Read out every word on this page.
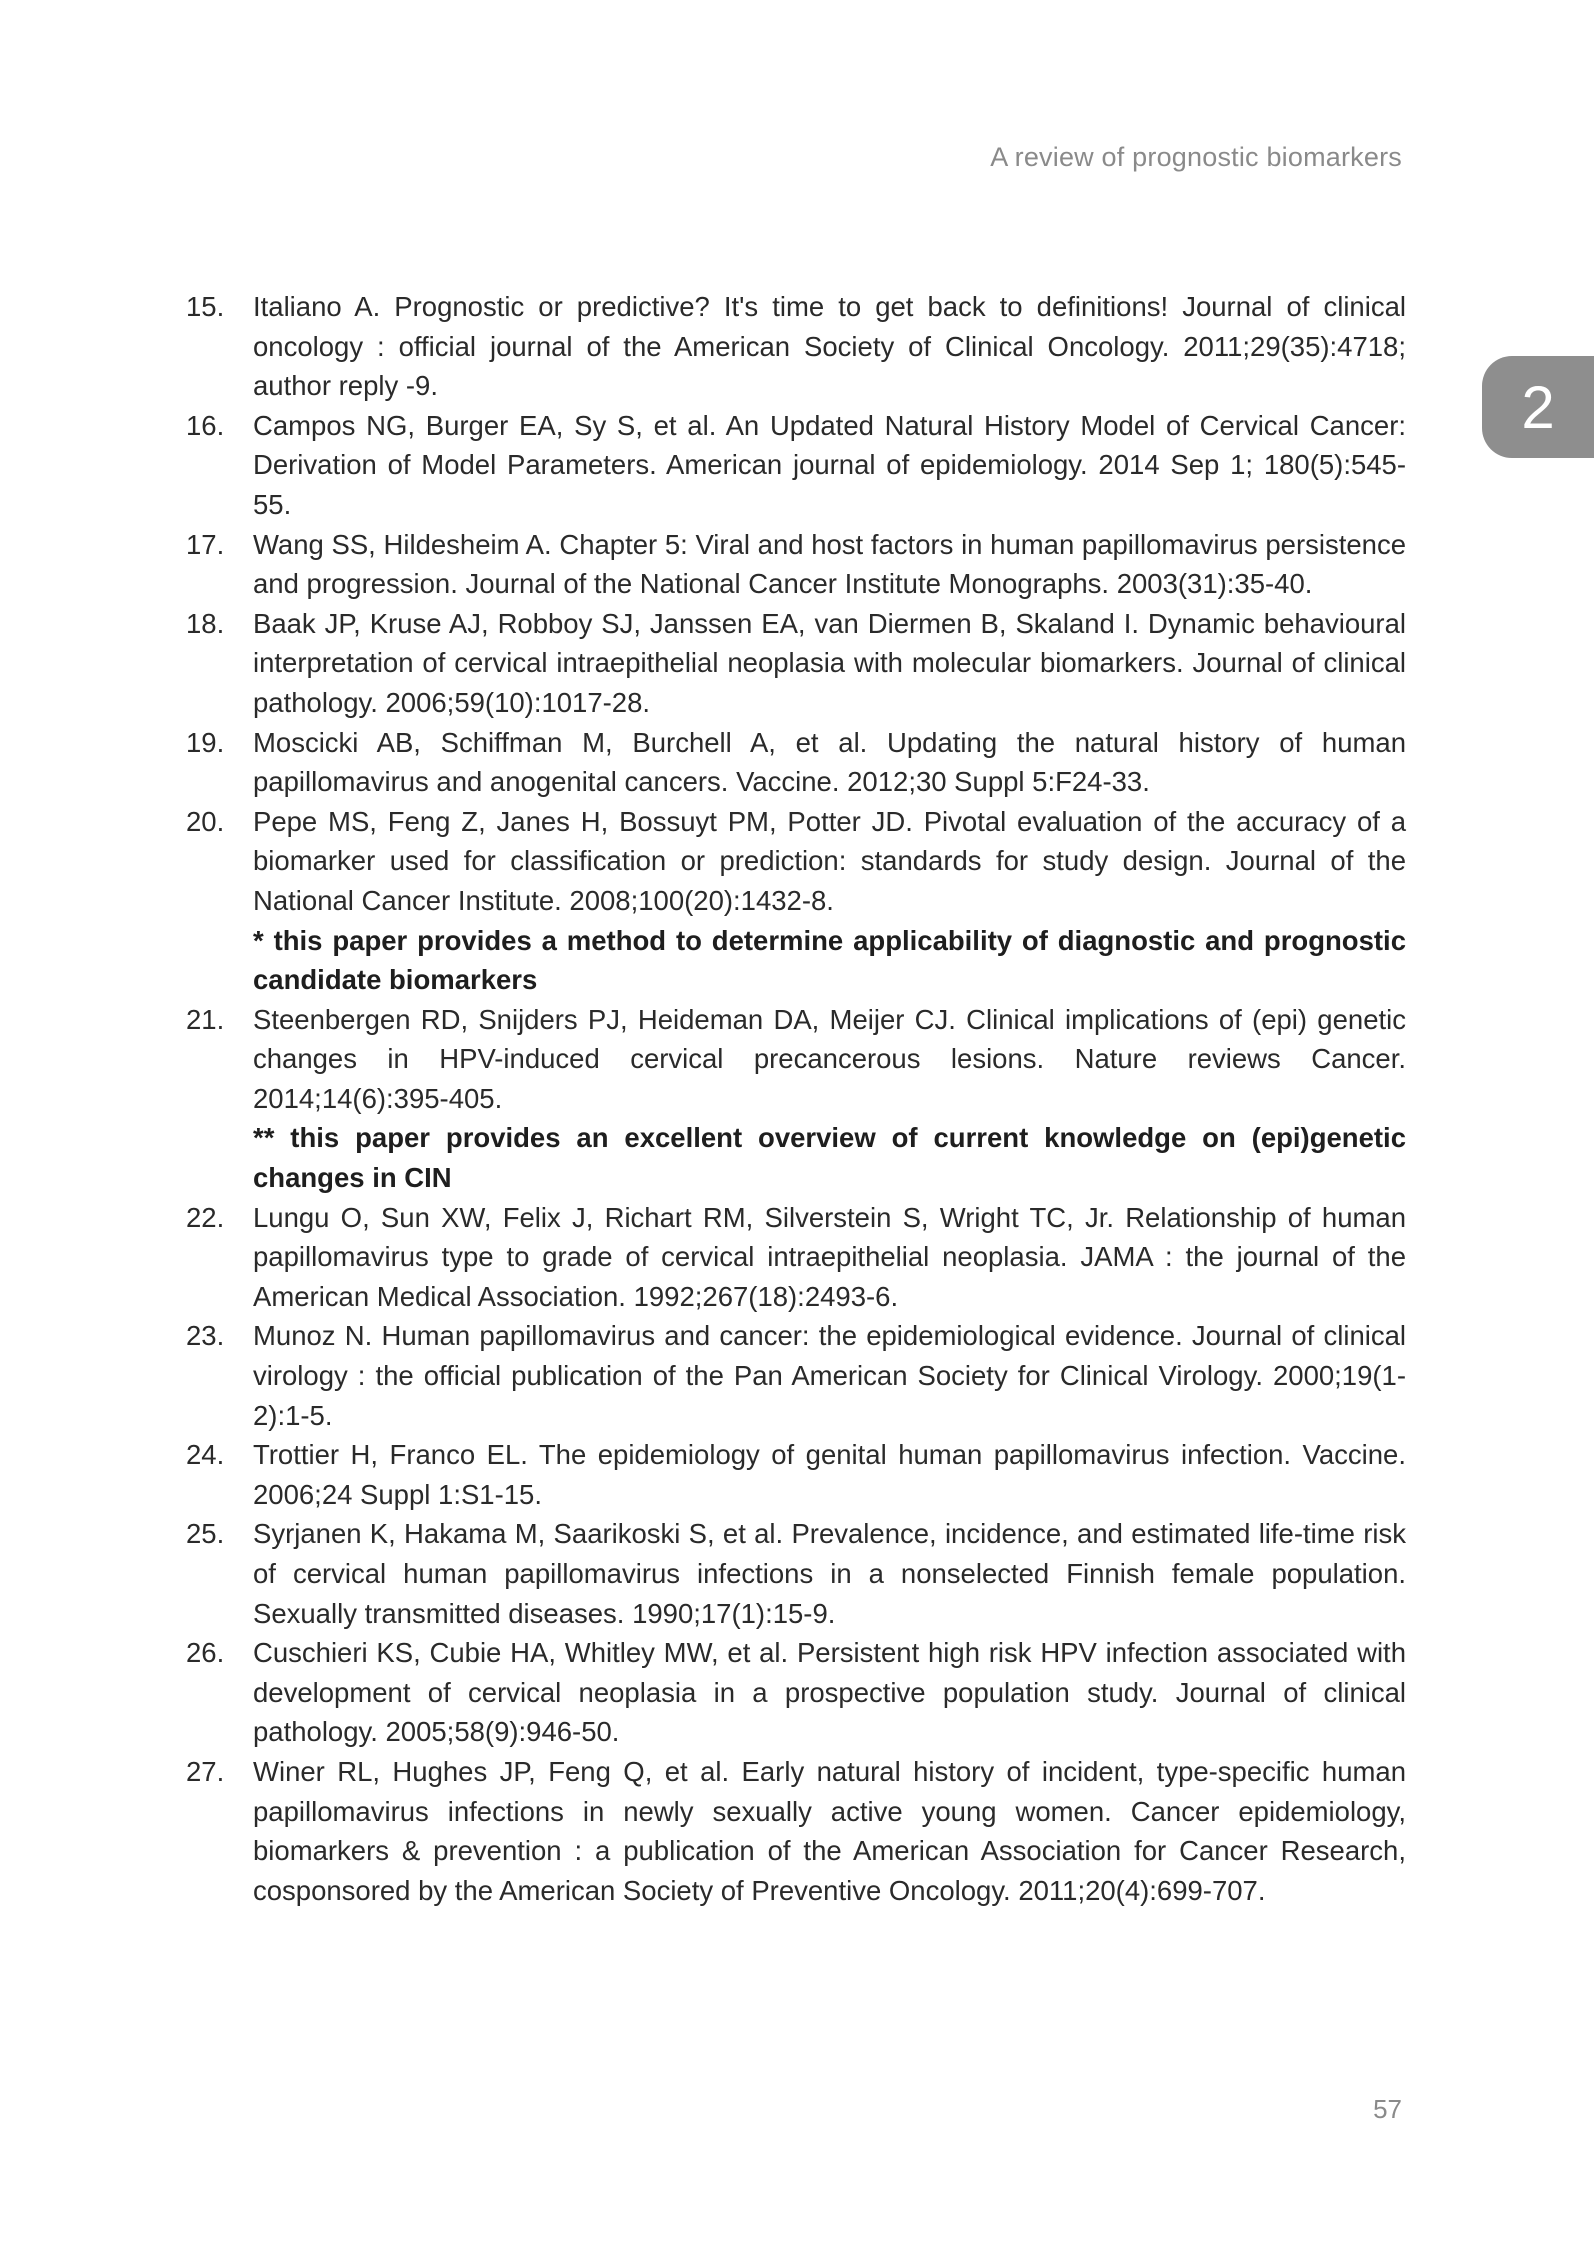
A review of prognostic biomarkers
2
15.	Italiano A. Prognostic or predictive? It's time to get back to definitions! Journal of clinical oncology : official journal of the American Society of Clinical Oncology. 2011;29(35):4718; author reply -9.
16.	Campos NG, Burger EA, Sy S, et al. An Updated Natural History Model of Cervical Cancer: Derivation of Model Parameters. American journal of epidemiology. 2014 Sep 1; 180(5):545-55.
17.	Wang SS, Hildesheim A. Chapter 5: Viral and host factors in human papillomavirus persistence and progression. Journal of the National Cancer Institute Monographs. 2003(31):35-40.
18.	Baak JP, Kruse AJ, Robboy SJ, Janssen EA, van Diermen B, Skaland I. Dynamic behavioural interpretation of cervical intraepithelial neoplasia with molecular biomarkers. Journal of clinical pathology. 2006;59(10):1017-28.
19.	Moscicki AB, Schiffman M, Burchell A, et al. Updating the natural history of human papillomavirus and anogenital cancers. Vaccine. 2012;30 Suppl 5:F24-33.
20.	Pepe MS, Feng Z, Janes H, Bossuyt PM, Potter JD. Pivotal evaluation of the accuracy of a biomarker used for classification or prediction: standards for study design. Journal of the National Cancer Institute. 2008;100(20):1432-8.
* this paper provides a method to determine applicability of diagnostic and prognostic candidate biomarkers
21.	Steenbergen RD, Snijders PJ, Heideman DA, Meijer CJ. Clinical implications of (epi) genetic changes in HPV-induced cervical precancerous lesions. Nature reviews Cancer. 2014;14(6):395-405.
** this paper provides an excellent overview of current knowledge on (epi)genetic changes in CIN
22.	Lungu O, Sun XW, Felix J, Richart RM, Silverstein S, Wright TC, Jr. Relationship of human papillomavirus type to grade of cervical intraepithelial neoplasia. JAMA : the journal of the American Medical Association. 1992;267(18):2493-6.
23.	Munoz N. Human papillomavirus and cancer: the epidemiological evidence. Journal of clinical virology : the official publication of the Pan American Society for Clinical Virology. 2000;19(1-2):1-5.
24.	Trottier H, Franco EL. The epidemiology of genital human papillomavirus infection. Vaccine. 2006;24 Suppl 1:S1-15.
25.	Syrjanen K, Hakama M, Saarikoski S, et al. Prevalence, incidence, and estimated life-time risk of cervical human papillomavirus infections in a nonselected Finnish female population. Sexually transmitted diseases. 1990;17(1):15-9.
26.	Cuschieri KS, Cubie HA, Whitley MW, et al. Persistent high risk HPV infection associated with development of cervical neoplasia in a prospective population study. Journal of clinical pathology. 2005;58(9):946-50.
27.	Winer RL, Hughes JP, Feng Q, et al. Early natural history of incident, type-specific human papillomavirus infections in newly sexually active young women. Cancer epidemiology, biomarkers & prevention : a publication of the American Association for Cancer Research, cosponsored by the American Society of Preventive Oncology. 2011;20(4):699-707.
57
